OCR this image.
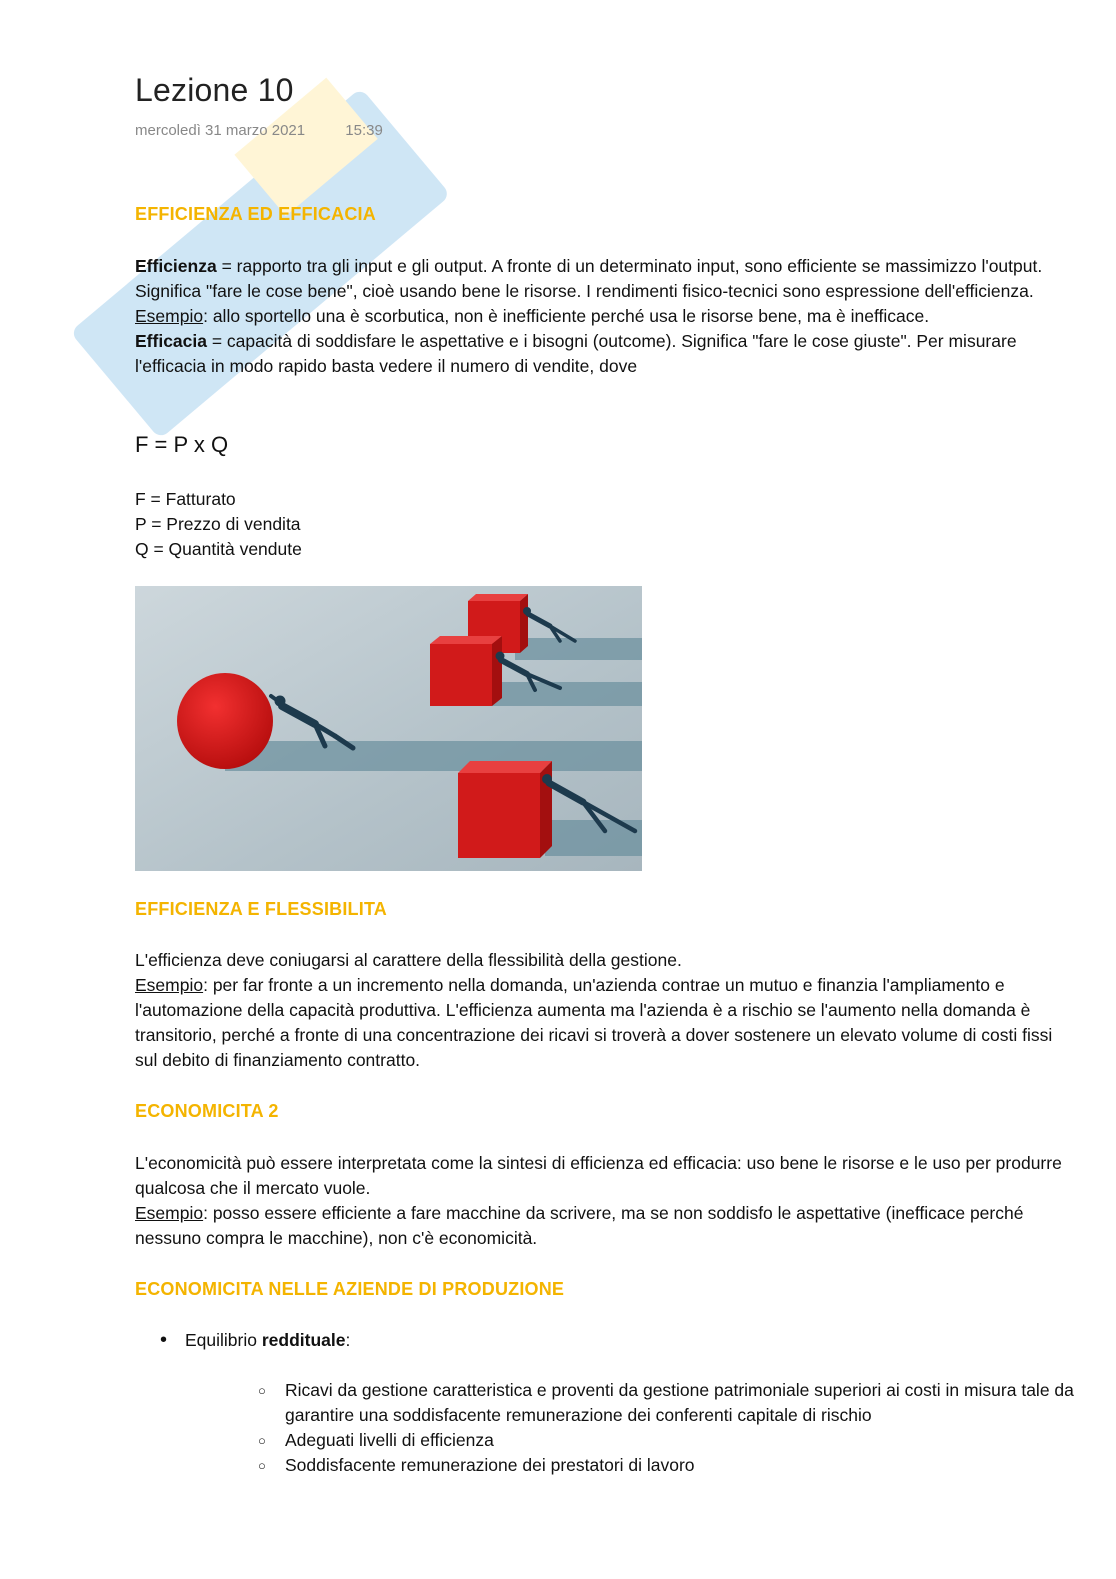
Lezione 10
mercoledì 31 marzo 2021	15:39
EFFICIENZA ED EFFICACIA

Efficienza = rapporto tra gli input e gli output. A fronte di un determinato input, sono efficiente se massimizzo l'output. Significa "fare le cose bene", cioè usando bene le risorse. I rendimenti fisico-tecnici sono espressione dell'efficienza.
Esempio: allo sportello una è scorbutica, non è inefficiente perché usa le risorse bene, ma è inefficace.
Efficacia = capacità di soddisfare le aspettative e i bisogni (outcome). Significa "fare le cose giuste". Per misurare l'efficacia in modo rapido basta vedere il numero di vendite, dove

F = P x Q

F = Fatturato
P = Prezzo di vendita
Q = Quantità vendute
EFFICIENZA E FLESSIBILITA

L'efficienza deve coniugarsi al carattere della flessibilità della gestione.
Esempio: per far fronte a un incremento nella domanda, un'azienda contrae un mutuo e finanzia l'ampliamento e l'automazione della capacità produttiva. L'efficienza aumenta ma l'azienda è a rischio se l'aumento nella domanda è transitorio, perché a fronte di una concentrazione dei ricavi si troverà a dover sostenere un elevato volume di costi fissi sul debito di finanziamento contratto.

ECONOMICITA 2

L'economicità può essere interpretata come la sintesi di efficienza ed efficacia: uso bene le risorse e le uso per produrre qualcosa che il mercato vuole.
Esempio: posso essere efficiente a fare macchine da scrivere, ma se non soddisfo le aspettative (inefficace perché nessuno compra le macchine), non c'è economicità.

ECONOMICITA NELLE AZIENDE DI PRODUZIONE
• Equilibrio reddituale:
○ Ricavi da gestione caratteristica e proventi da gestione patrimoniale superiori ai costi in misura tale da garantire una soddisfacente remunerazione dei conferenti capitale di rischio
○ Adeguati livelli di efficienza
○ Soddisfacente remunerazione dei prestatori di lavoro
